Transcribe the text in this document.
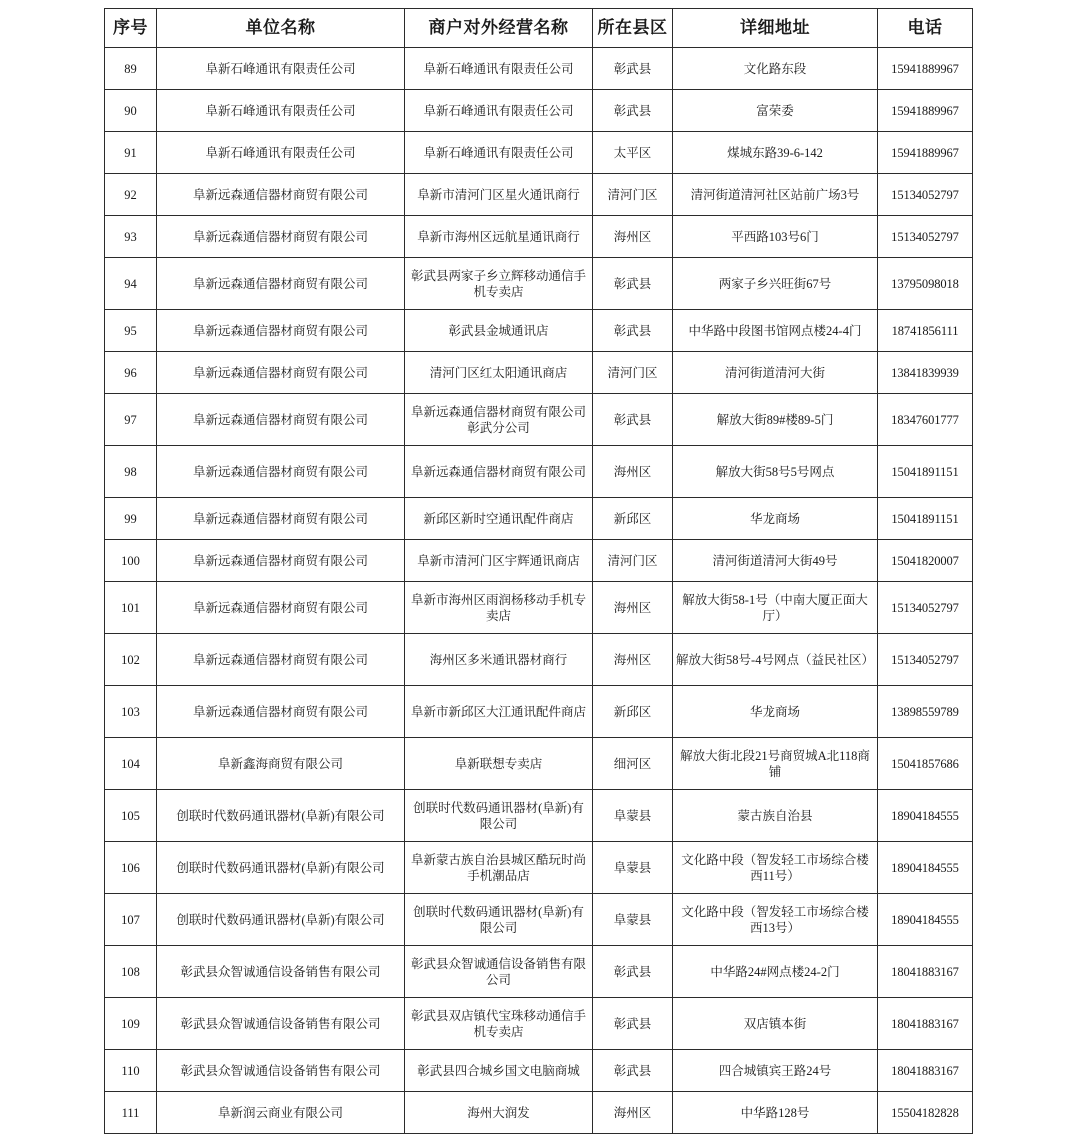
序号	单位名称	商户对外经营名称	所在县区	详细地址	电话
89	阜新石峰通讯有限责任公司	阜新石峰通讯有限责任公司	彰武县	文化路东段	15941889967
90	阜新石峰通讯有限责任公司	阜新石峰通讯有限责任公司	彰武县	富荣委	15941889967
91	阜新石峰通讯有限责任公司	阜新石峰通讯有限责任公司	太平区	煤城东路39-6-142	15941889967
92	阜新远森通信器材商贸有限公司	阜新市清河门区星火通讯商行	清河门区	清河街道清河社区站前广场3号	15134052797
93	阜新远森通信器材商贸有限公司	阜新市海州区远航星通讯商行	海州区	平西路103号6门	15134052797
94	阜新远森通信器材商贸有限公司	彰武县两家子乡立辉移动通信手机专卖店	彰武县	两家子乡兴旺街67号	13795098018
95	阜新远森通信器材商贸有限公司	彰武县金城通讯店	彰武县	中华路中段图书馆网点楼24-4门	18741856111
96	阜新远森通信器材商贸有限公司	清河门区红太阳通讯商店	清河门区	清河街道清河大街	13841839939
97	阜新远森通信器材商贸有限公司	阜新远森通信器材商贸有限公司彰武分公司	彰武县	解放大街89#楼89-5门	18347601777
98	阜新远森通信器材商贸有限公司	阜新远森通信器材商贸有限公司	海州区	解放大街58号5号网点	15041891151
99	阜新远森通信器材商贸有限公司	新邱区新时空通讯配件商店	新邱区	华龙商场	15041891151
100	阜新远森通信器材商贸有限公司	阜新市清河门区宇辉通讯商店	清河门区	清河街道清河大街49号	15041820007
101	阜新远森通信器材商贸有限公司	阜新市海州区雨润杨移动手机专卖店	海州区	解放大街58-1号（中南大厦正面大厅）	15134052797
102	阜新远森通信器材商贸有限公司	海州区多米通讯器材商行	海州区	解放大街58号-4号网点（益民社区）	15134052797
103	阜新远森通信器材商贸有限公司	阜新市新邱区大江通讯配件商店	新邱区	华龙商场	13898559789
104	阜新鑫海商贸有限公司	阜新联想专卖店	细河区	解放大街北段21号商贸城A北118商铺	15041857686
105	创联时代数码通讯器材(阜新)有限公司	创联时代数码通讯器材(阜新)有限公司	阜蒙县	蒙古族自治县	18904184555
106	创联时代数码通讯器材(阜新)有限公司	阜新蒙古族自治县城区酷玩时尚手机潮品店	阜蒙县	文化路中段（智发轻工市场综合楼西11号）	18904184555
107	创联时代数码通讯器材(阜新)有限公司	创联时代数码通讯器材(阜新)有限公司	阜蒙县	文化路中段（智发轻工市场综合楼西13号）	18904184555
108	彰武县众智诚通信设备销售有限公司	彰武县众智诚通信设备销售有限公司	彰武县	中华路24#网点楼24-2门	18041883167
109	彰武县众智诚通信设备销售有限公司	彰武县双店镇代宝珠移动通信手机专卖店	彰武县	双店镇本街	18041883167
110	彰武县众智诚通信设备销售有限公司	彰武县四合城乡国文电脑商城	彰武县	四合城镇宾王路24号	18041883167
111	阜新润云商业有限公司	海州大润发	海州区	中华路128号	15504182828
